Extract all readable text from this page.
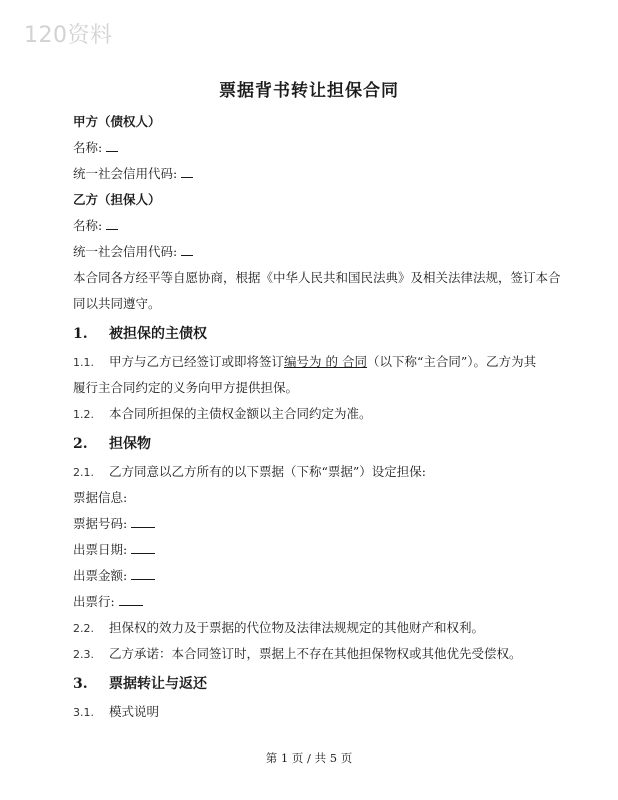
120资料
票据背书转让担保合同
甲方（债权人）
名称:
统一社会信用代码:
乙方（担保人）
名称:
统一社会信用代码:
本合同各方经平等自愿协商，根据《中华人民共和国民法典》及相关法律法规，签订本合
同以共同遵守。
1. 被担保的主债权
1.1. 甲方与乙方已经签订或即将签订编号为 的 合同（以下称“主合同”）。乙方为其
履行主合同约定的义务向甲方提供担保。
1.2. 本合同所担保的主债权金额以主合同约定为准。
2. 担保物
2.1. 乙方同意以乙方所有的以下票据（下称“票据”）设定担保:
票据信息:
票据号码:
出票日期:
出票金额:
出票行:
2.2. 担保权的效力及于票据的代位物及法律法规规定的其他财产和权利。
2.3. 乙方承诺：本合同签订时，票据上不存在其他担保物权或其他优先受偿权。
3. 票据转让与返还
3.1. 模式说明
第 1 页 / 共 5 页
